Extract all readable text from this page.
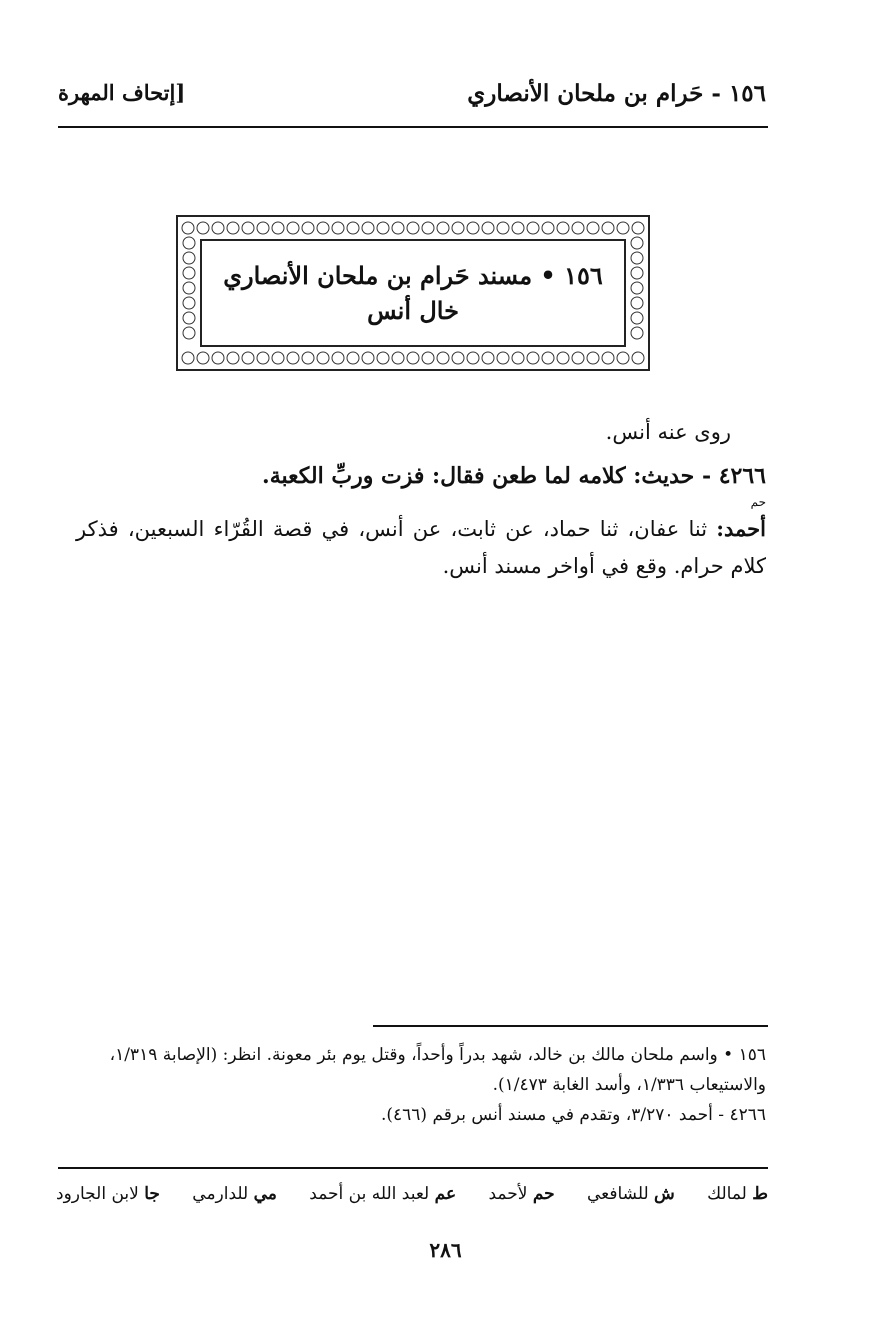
١٥٦ - حَرام بن ملحان الأنصاري
[إتحاف المهرة
١٥٦ • مسند حَرام بن ملحان الأنصاري
خال أنس
روى عنه أنس.
٤٢٦٦ - حديث: كلامه لما طعن فقال: فزت وربِّ الكعبة.
حم
أحمد: ثنا عفان، ثنا حماد، عن ثابت، عن أنس، في قصة القُرّاء السبعين، فذكر كلام حرام. وقع في أواخر مسند أنس.

١٥٦ • واسم ملحان مالك بن خالد، شهد بدراً وأحداً، وقتل يوم بئر معونة. انظر: (الإصابة ١/٣١٩، والاستيعاب ١/٣٣٦، وأسد الغابة ١/٤٧٣).

٤٢٦٦ - أحمد ٣/٢٧٠، وتقدم في مسند أنس برقم (٤٦٦).

ط لمالك
ش للشافعي
حم لأحمد
عم لعبد الله بن أحمد
مي للدارمي
جا لابن الجارود
٢٨٦
